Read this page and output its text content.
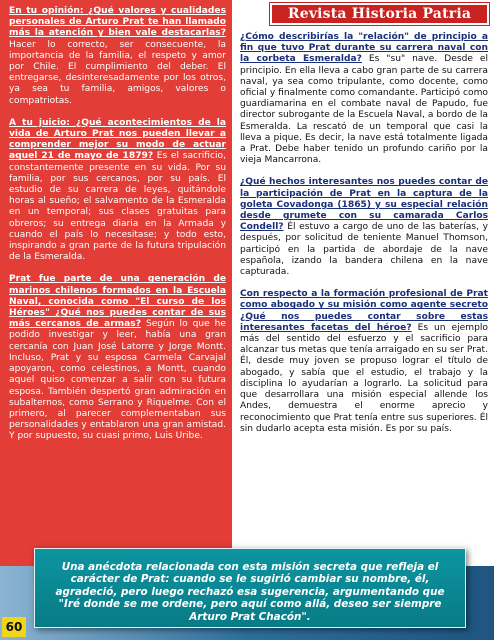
En tu opinión: ¿Qué valores y cualidades personales de Arturo Prat te han llamado más la atención y bien vale destacarlas? Hacer lo correcto, ser consecuente, la importancia de la familia, el respeto y amor por Chile. El cumplimiento del deber. El entregarse, desinteresadamente por los otros, ya sea tu familia, amigos, valores o compatriotas.

A tu juicio: ¿Qué acontecimientos de la vida de Arturo Prat nos pueden llevar a comprender mejor su modo de actuar aquel 21 de mayo de 1879? Es el sacrificio, constantemente presente en su vida. Por su familia, por sus cercanos, por su país. El estudio de su carrera de leyes, quitándole horas al sueño; el salvamento de la Esmeralda en un temporal; sus clases gratuitas para obreros; su entrega diaria en la Armada y cuando el país lo necesitase; y todo esto, inspirando a gran parte de la futura tripulación de la Esmeralda.

Prat fue parte de una generación de marinos chilenos formados en la Escuela Naval, conocida como "El curso de los Héroes" ¿Qué nos puedes contar de sus más cercanos de armas? Según lo que he podido investigar y leer, había una gran cercanía con Juan José Latorre y Jorge Montt. Incluso, Prat y su esposa Carmela Carvajal apoyaron, como celestinos, a Montt, cuando aquel quiso comenzar a salir con su futura esposa. También despertó gran admiración en subalternos, como Serrano y Riquelme. Con el primero, al parecer complementaban sus personalidades y entablaron una gran amistad. Y por supuesto, su cuasi primo, Luis Uribe.

Revista Historia Patria

¿Cómo describirías la "relación" de principio a fin que tuvo Prat durante su carrera naval con la corbeta Esmeralda? Es "su" nave. Desde el principio. En ella lleva a cabo gran parte de su carrera naval, ya sea como tripulante, como docente, como oficial y finalmente como comandante. Participó como guardiamarina en el combate naval de Papudo, fue director subrogante de la Escuela Naval, a bordo de la Esmeralda. La rescató de un temporal que casi la lleva a pique. Es decir, la nave está totalmente ligada a Prat. Debe haber tenido un profundo cariño por la vieja Mancarrona.

¿Qué hechos interesantes nos puedes contar de la participación de Prat en la captura de la goleta Covadonga (1865) y su especial relación desde grumete con su camarada Carlos Condell? Él estuvo a cargo de uno de las baterías, y después, por solicitud de teniente Manuel Thomson, participó en la partida de abordaje de la nave española, izando la bandera chilena en la nave capturada.

Con respecto a la formación profesional de Prat como abogado y su misión como agente secreto ¿Qué nos puedes contar sobre estas interesantes facetas del héroe? Es un ejemplo más del sentido del esfuerzo y el sacrificio para alcanzar tus metas que tenía arraigado en su ser Prat. Él, desde muy joven se propuso lograr el título de abogado, y sabía que el estudio, el trabajo y la disciplina lo ayudarían a lograrlo. La solicitud para que desarrollara una misión especial allende los Andes, demuestra el enorme aprecio y reconocimiento que Prat tenía entre sus superiores. Él sin dudarlo acepta esta misión. Es por su país.

Una anécdota relacionada con esta misión secreta que refleja el carácter de Prat: cuando se le sugirió cambiar su nombre, él, agradeció, pero luego rechazó esa sugerencia, argumentando que "Iré donde se me ordene, pero aquí como allá, deseo ser siempre Arturo Prat Chacón".
60
